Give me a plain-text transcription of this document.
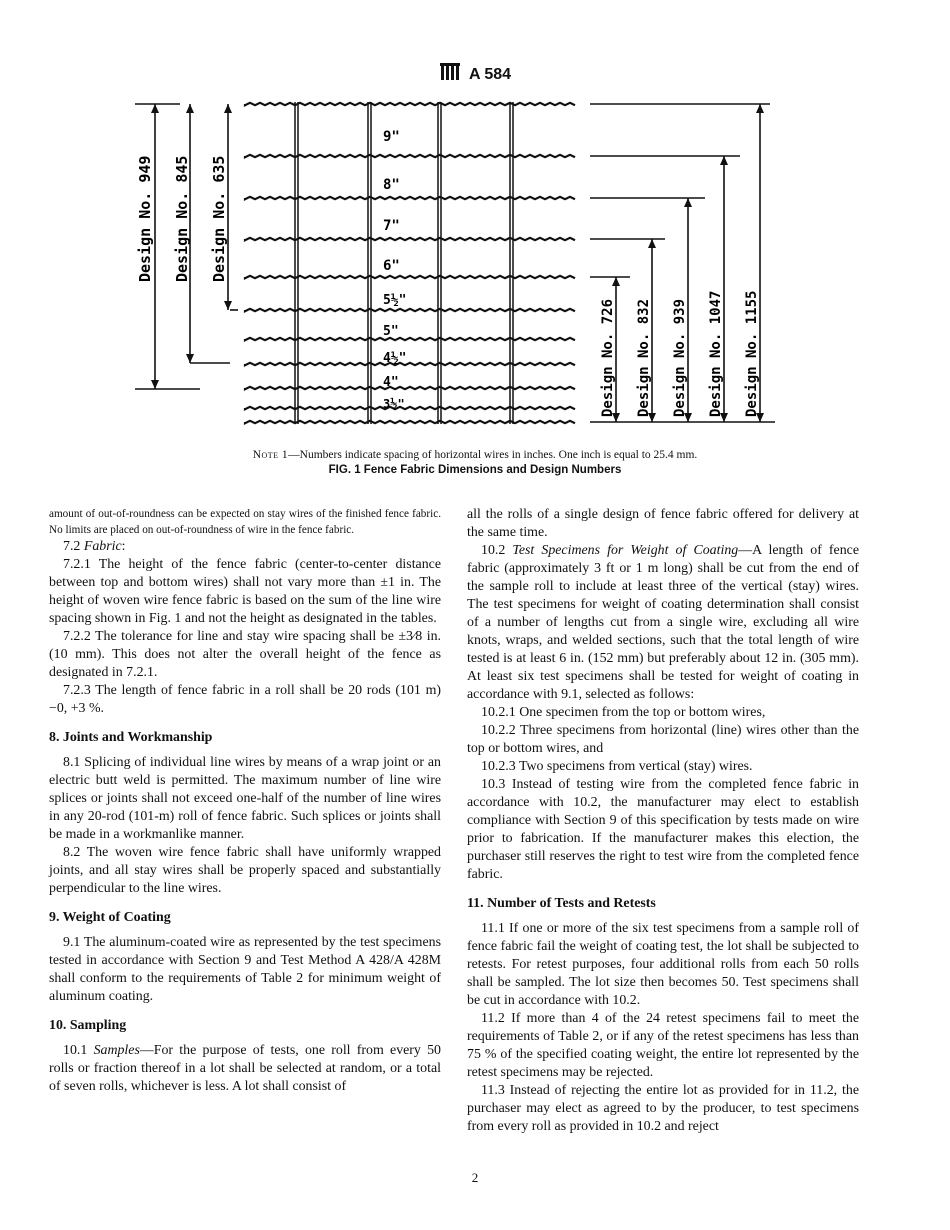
A 584
Design No. 949 Design No. 845 Design No. 635
9"
8"
7"
6"
5½"
5"
4½"
4"
3½"	Design No. 726 Design No. 832 Design No. 939 Design No. 1047 Design No. 1155
Note 1—Numbers indicate spacing of horizontal wires in inches. One inch is equal to 25.4 mm.
FIG. 1 Fence Fabric Dimensions and Design Numbers

amount of out-of-roundness can be expected on stay wires of the finished fence fabric. No limits are placed on out-of-roundness of wire in the fence fabric.

7.2 Fabric:

7.2.1 The height of the fence fabric (center-to-center distance between top and bottom wires) shall not vary more than ±1 in. The height of woven wire fence fabric is based on the sum of the line wire spacing shown in Fig. 1 and not the height as designated in the tables.

7.2.2 The tolerance for line and stay wire spacing shall be ±3⁄8 in. (10 mm). This does not alter the overall height of the fence as designated in 7.2.1.

7.2.3 The length of fence fabric in a roll shall be 20 rods (101 m) −0, +3 %.

8. Joints and Workmanship

8.1 Splicing of individual line wires by means of a wrap joint or an electric butt weld is permitted. The maximum number of line wire splices or joints shall not exceed one-half of the number of line wires in any 20-rod (101-m) roll of fence fabric. Such splices or joints shall be made in a workmanlike manner.

8.2 The woven wire fence fabric shall have uniformly wrapped joints, and all stay wires shall be properly spaced and substantially perpendicular to the line wires.

9. Weight of Coating

9.1 The aluminum-coated wire as represented by the test specimens tested in accordance with Section 9 and Test Method A 428/A 428M shall conform to the requirements of Table 2 for minimum weight of aluminum coating.

10. Sampling

10.1 Samples—For the purpose of tests, one roll from every 50 rolls or fraction thereof in a lot shall be selected at random, or a total of seven rolls, whichever is less. A lot shall consist of

all the rolls of a single design of fence fabric offered for delivery at the same time.

10.2 Test Specimens for Weight of Coating—A length of fence fabric (approximately 3 ft or 1 m long) shall be cut from the end of the sample roll to include at least three of the vertical (stay) wires. The test specimens for weight of coating determination shall consist of a number of lengths cut from a single wire, excluding all wire knots, wraps, and welded sections, such that the total length of wire tested is at least 6 in. (152 mm) but preferably about 12 in. (305 mm). At least six test specimens shall be tested for weight of coating in accordance with 9.1, selected as follows:

10.2.1 One specimen from the top or bottom wires,

10.2.2 Three specimens from horizontal (line) wires other than the top or bottom wires, and

10.2.3 Two specimens from vertical (stay) wires.

10.3 Instead of testing wire from the completed fence fabric in accordance with 10.2, the manufacturer may elect to establish compliance with Section 9 of this specification by tests made on wire prior to fabrication. If the manufacturer makes this election, the purchaser still reserves the right to test wire from the completed fence fabric.

11. Number of Tests and Retests

11.1 If one or more of the six test specimens from a sample roll of fence fabric fail the weight of coating test, the lot shall be subjected to retests. For retest purposes, four additional rolls from each 50 rolls shall be sampled. The lot size then becomes 50. Test specimens shall be cut in accordance with 10.2.

11.2 If more than 4 of the 24 retest specimens fail to meet the requirements of Table 2, or if any of the retest specimens has less than 75 % of the specified coating weight, the entire lot represented by the retest specimens may be rejected.

11.3 Instead of rejecting the entire lot as provided for in 11.2, the purchaser may elect as agreed to by the producer, to test specimens from every roll as provided in 10.2 and reject

2
